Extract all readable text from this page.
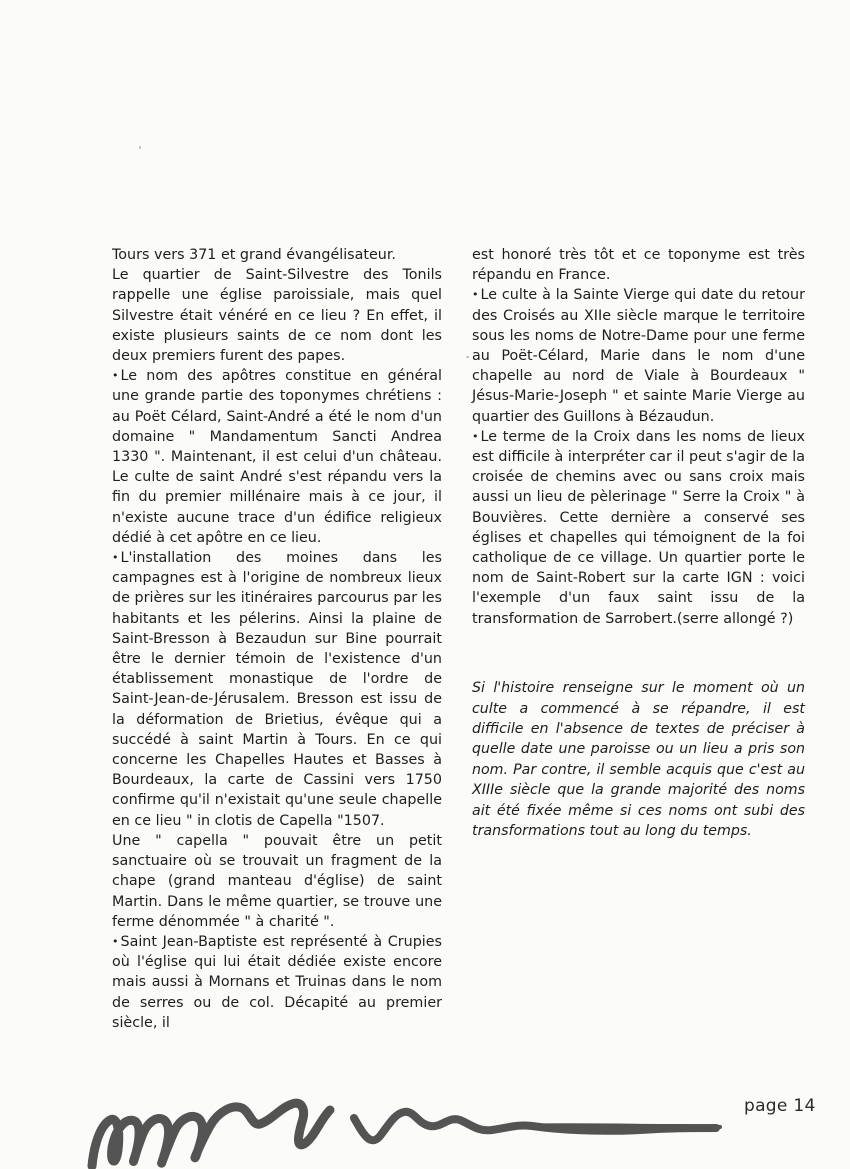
Tours vers 371 et grand évangélisateur.

Le quartier de Saint-Silvestre des Tonils rappelle une église paroissiale, mais quel Silvestre était vénéré en ce lieu ? En effet, il existe plusieurs saints de ce nom dont les deux premiers furent des papes.

• Le nom des apôtres constitue en général une grande partie des toponymes chrétiens : au Poët Célard, Saint-André a été le nom d'un domaine " Mandamentum Sancti Andrea 1330 ". Maintenant, il est celui d'un château. Le culte de saint André s'est répandu vers la fin du premier millénaire mais à ce jour, il n'existe aucune trace d'un édifice religieux dédié à cet apôtre en ce lieu.

• L'installation des moines dans les campagnes est à l'origine de nombreux lieux de prières sur les itinéraires parcourus par les habitants et les pélerins. Ainsi la plaine de Saint-Bresson à Bezaudun sur Bine pourrait être le dernier témoin de l'existence d'un établissement monastique de l'ordre de Saint-Jean-de-Jérusalem. Bresson est issu de la déformation de Brietius, évêque qui a succédé à saint Martin à Tours. En ce qui concerne les Chapelles Hautes et Basses à Bourdeaux, la carte de Cassini vers 1750 confirme qu'il n'existait qu'une seule chapelle en ce lieu " in clotis de Capella "1507.

Une " capella " pouvait être un petit sanctuaire où se trouvait un fragment de la chape (grand manteau d'église) de saint Martin. Dans le même quartier, se trouve une ferme dénommée " à charité ".

• Saint Jean-Baptiste est représenté à Crupies où l'église qui lui était dédiée existe encore mais aussi à Mornans et Truinas dans le nom de serres ou de col. Décapité au premier siècle, il

est honoré très tôt et ce toponyme est très répandu en France.

• Le culte à la Sainte Vierge qui date du retour des Croisés au XIIe siècle marque le territoire sous les noms de Notre-Dame pour une ferme au Poët-Célard, Marie dans le nom d'une chapelle au nord de Viale à Bourdeaux " Jésus-Marie-Joseph " et sainte Marie Vierge au quartier des Guillons à Bézaudun.

• Le terme de la Croix dans les noms de lieux est difficile à interpréter car il peut s'agir de la croisée de chemins avec ou sans croix mais aussi un lieu de pèlerinage " Serre la Croix " à Bouvières. Cette dernière a conservé ses églises et chapelles qui témoignent de la foi catholique de ce village. Un quartier porte le nom de Saint-Robert sur la carte IGN : voici l'exemple d'un faux saint issu de la transformation de Sarrobert.(serre allongé ?)

Si l'histoire renseigne sur le moment où un culte a commencé à se répandre, il est difficile en l'absence de textes de préciser à quelle date une paroisse ou un lieu a pris son nom. Par contre, il semble acquis que c'est au XIIIe siècle que la grande majorité des noms ait été fixée même si ces noms ont subi des transformations tout au long du temps.

page 14
